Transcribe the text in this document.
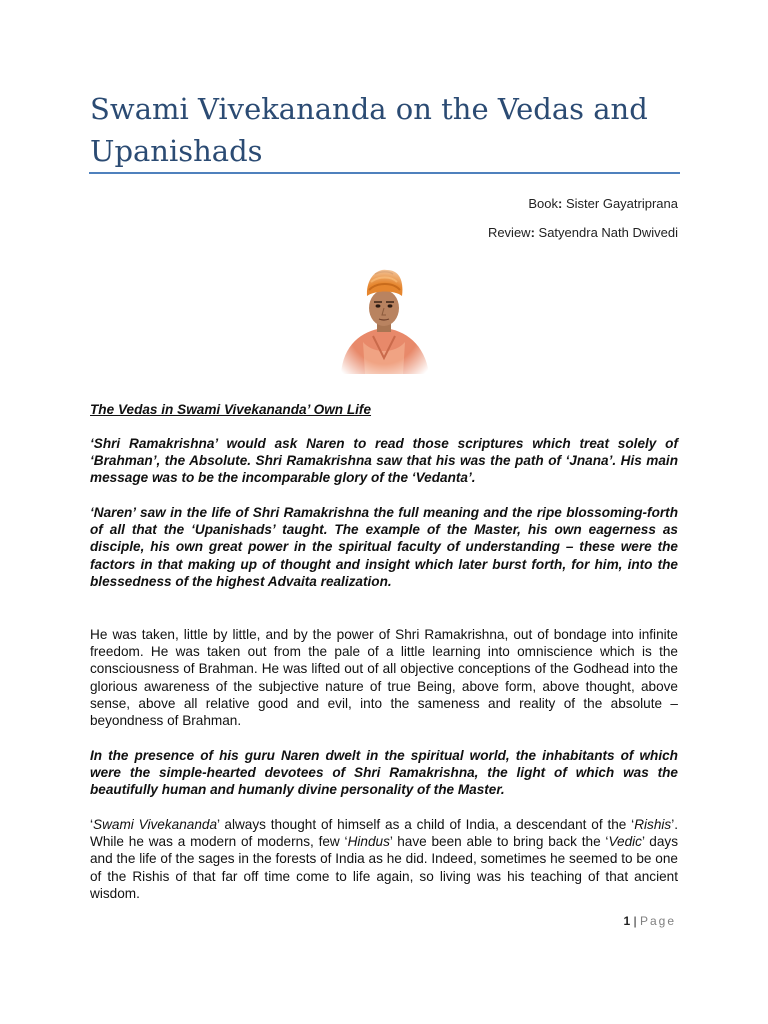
Swami Vivekananda on the Vedas and Upanishads
Book: Sister Gayatriprana
Review: Satyendra Nath Dwivedi

The Vedas in Swami Vivekananda’ Own Life

‘Shri Ramakrishna’ would ask Naren to read those scriptures which treat solely of ‘Brahman’, the Absolute. Shri Ramakrishna saw that his was the path of ‘Jnana’. His main message was to be the incomparable glory of the ‘Vedanta’.

‘Naren’ saw in the life of Shri Ramakrishna the full meaning and the ripe blossoming-forth of all that the ‘Upanishads’ taught. The example of the Master, his own eagerness as disciple, his own great power in the spiritual faculty of understanding – these were the factors in that making up of thought and insight which later burst forth, for him, into the blessedness of the highest Advaita realization.

He was taken, little by little, and by the power of Shri Ramakrishna, out of bondage into infinite freedom. He was taken out from the pale of a little learning into omniscience which is the consciousness of Brahman. He was lifted out of all objective conceptions of the Godhead into the glorious awareness of the subjective nature of true Being, above form, above thought, above sense, above all relative good and evil, into the sameness and reality of the absolute – beyondness of Brahman.

In the presence of his guru Naren dwelt in the spiritual world, the inhabitants of which were the simple-hearted devotees of Shri Ramakrishna, the light of which was the beautifully human and humanly divine personality of the Master.

‘Swami Vivekananda’ always thought of himself as a child of India, a descendant of the ‘Rishis’. While he was a modern of moderns, few ‘Hindus’ have been able to bring back the ‘Vedic’ days and the life of the sages in the forests of India as he did. Indeed, sometimes he seemed to be one of the Rishis of that far off time come to life again, so living was his teaching of that ancient wisdom.

1 | Page
